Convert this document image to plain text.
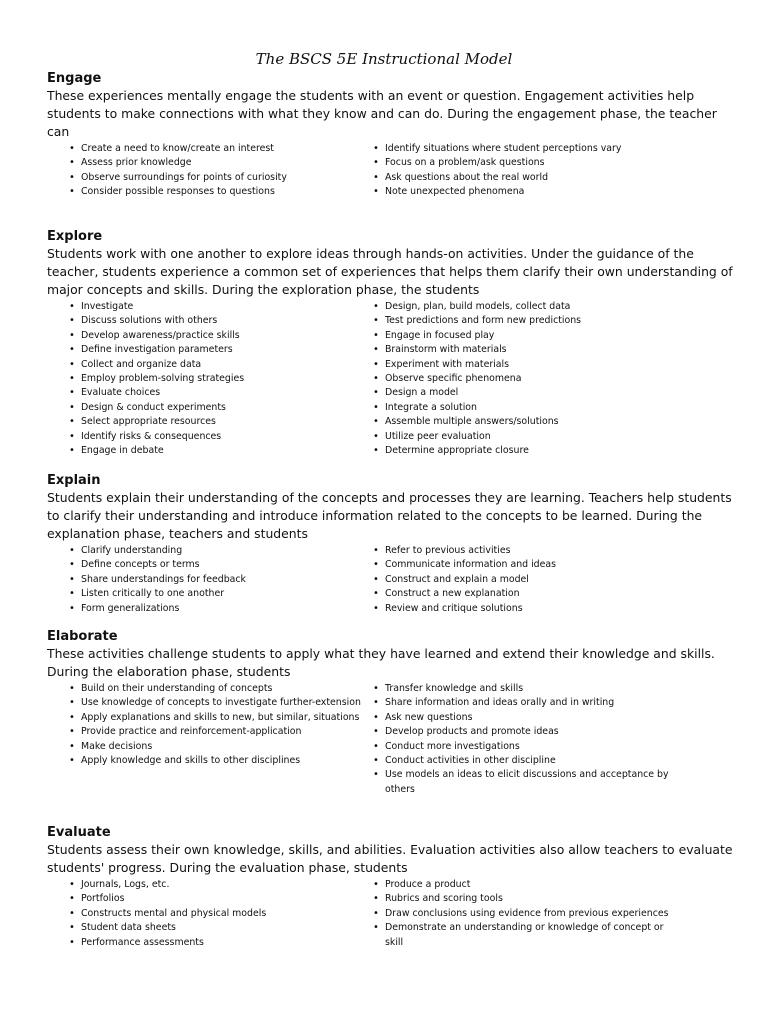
The BSCS 5E Instructional Model
Engage

These experiences mentally engage the students with an event or question. Engagement activities help students to make connections with what they know and can do. During the engagement phase, the teacher can

• Create a need to know/create an interest
• Assess prior knowledge
• Observe surroundings for points of curiosity
• Consider possible responses to questions
• Identify situations where student perceptions vary
• Focus on a problem/ask questions
• Ask questions about the real world
• Note unexpected phenomena
Explore

Students work with one another to explore ideas through hands-on activities. Under the guidance of the teacher, students experience a common set of experiences that helps them clarify their own understanding of major concepts and skills. During the exploration phase, the students

• Investigate
• Discuss solutions with others
• Develop awareness/practice skills
• Define investigation parameters
• Collect and organize data
• Employ problem-solving strategies
• Evaluate choices
• Design & conduct experiments
• Select appropriate resources
• Identify risks & consequences
• Engage in debate
• Design, plan, build models, collect data
• Test predictions and form new predictions
• Engage in focused play
• Brainstorm with materials
• Experiment with materials
• Observe specific phenomena
• Design a model
• Integrate a solution
• Assemble multiple answers/solutions
• Utilize peer evaluation
• Determine appropriate closure
Explain

Students explain their understanding of the concepts and processes they are learning. Teachers help students to clarify their understanding and introduce information related to the concepts to be learned. During the explanation phase, teachers and students

• Clarify understanding
• Define concepts or terms
• Share understandings for feedback
• Listen critically to one another
• Form generalizations
• Refer to previous activities
• Communicate information and ideas
• Construct and explain a model
• Construct a new explanation
• Review and critique solutions
Elaborate

These activities challenge students to apply what they have learned and extend their knowledge and skills. During the elaboration phase, students

• Build on their understanding of concepts
• Use knowledge of concepts to investigate further-extension
• Apply explanations and skills to new, but similar, situations
• Provide practice and reinforcement-application
• Make decisions
• Apply knowledge and skills to other disciplines
• Transfer knowledge and skills
• Share information and ideas orally and in writing
• Ask new questions
• Develop products and promote ideas
• Conduct more investigations
• Conduct activities in other discipline
• Use models an ideas to elicit discussions and acceptance by others
Evaluate

Students assess their own knowledge, skills, and abilities. Evaluation activities also allow teachers to evaluate students' progress. During the evaluation phase, students

• Journals, Logs, etc.
• Portfolios
• Constructs mental and physical models
• Student data sheets
• Performance assessments
• Produce a product
• Rubrics and scoring tools
• Draw conclusions using evidence from previous experiences
• Demonstrate an understanding or knowledge of concept or skill
